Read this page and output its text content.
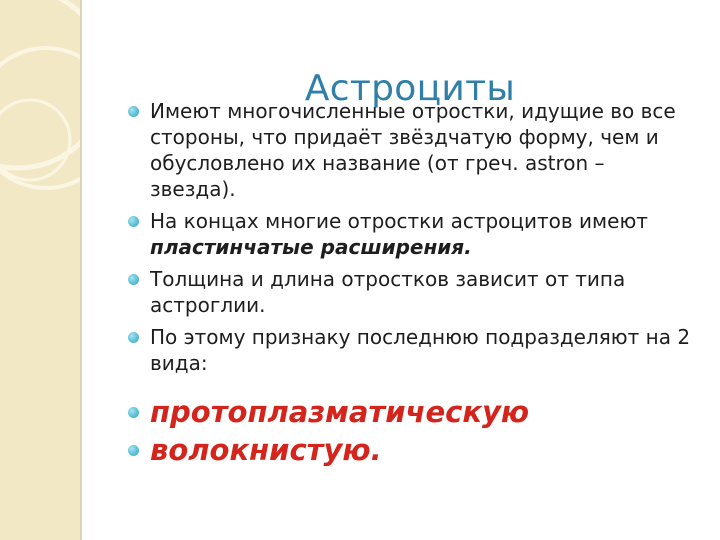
Астроциты
Имеют многочисленные отростки, идущие во все стороны, что придаёт звёздчатую форму, чем и обусловлено их название (от греч. astron – звезда).
На концах многие отростки астроцитов имеют пластинчатые расширения.
Толщина и длина отростков зависит от типа астроглии.
По этому признаку последнюю подразделяют на 2 вида:
протоплазматическую
волокнистую.
